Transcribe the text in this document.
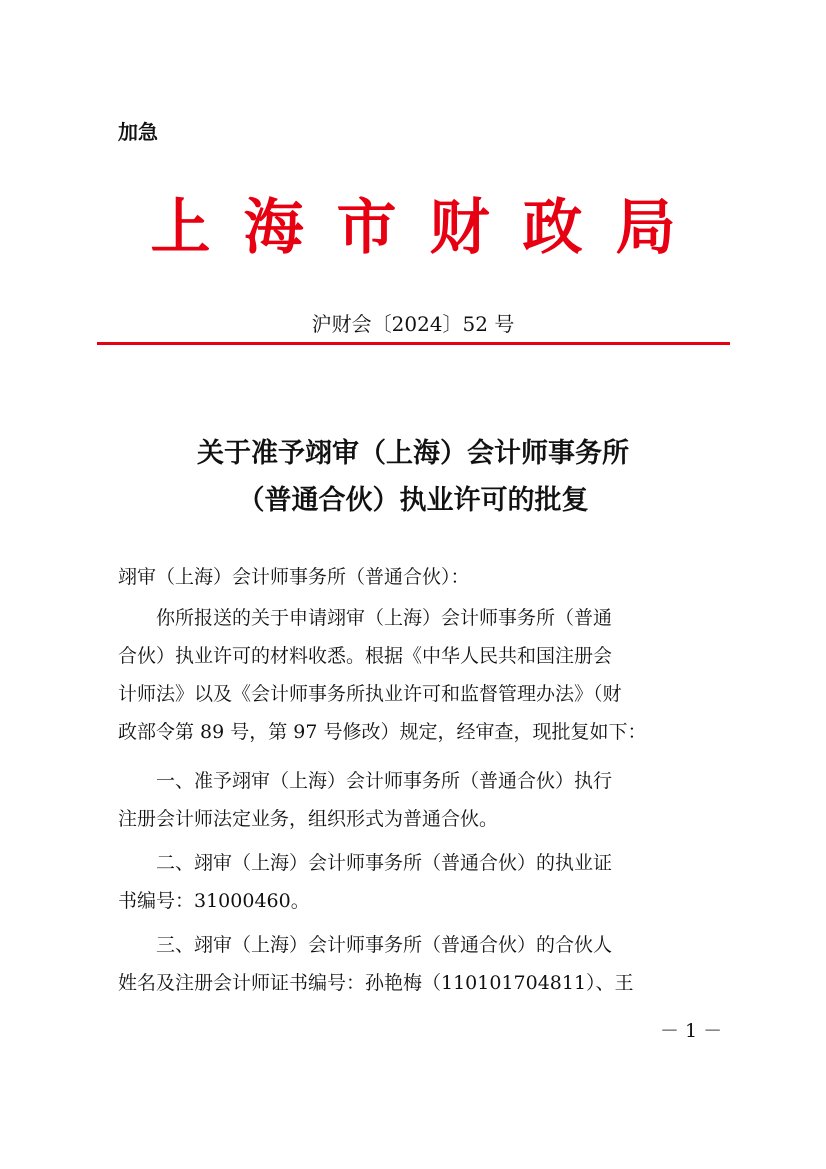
加急
上 海 市 财 政 局
沪财会〔2024〕52 号
关于准予翊审（上海）会计师事务所
（普通合伙）执业许可的批复
翊审（上海）会计师事务所（普通合伙）：
你所报送的关于申请翊审（上海）会计师事务所（普通
合伙）执业许可的材料收悉。根据《中华人民共和国注册会
计师法》以及《会计师事务所执业许可和监督管理办法》（财
政部令第 89 号，第 97 号修改）规定，经审查，现批复如下：
一、准予翊审（上海）会计师事务所（普通合伙）执行
注册会计师法定业务，组织形式为普通合伙。
二、翊审（上海）会计师事务所（普通合伙）的执业证
书编号：31000460。
三、翊审（上海）会计师事务所（普通合伙）的合伙人
姓名及注册会计师证书编号：孙艳梅（110101704811）、王
－ 1 －
